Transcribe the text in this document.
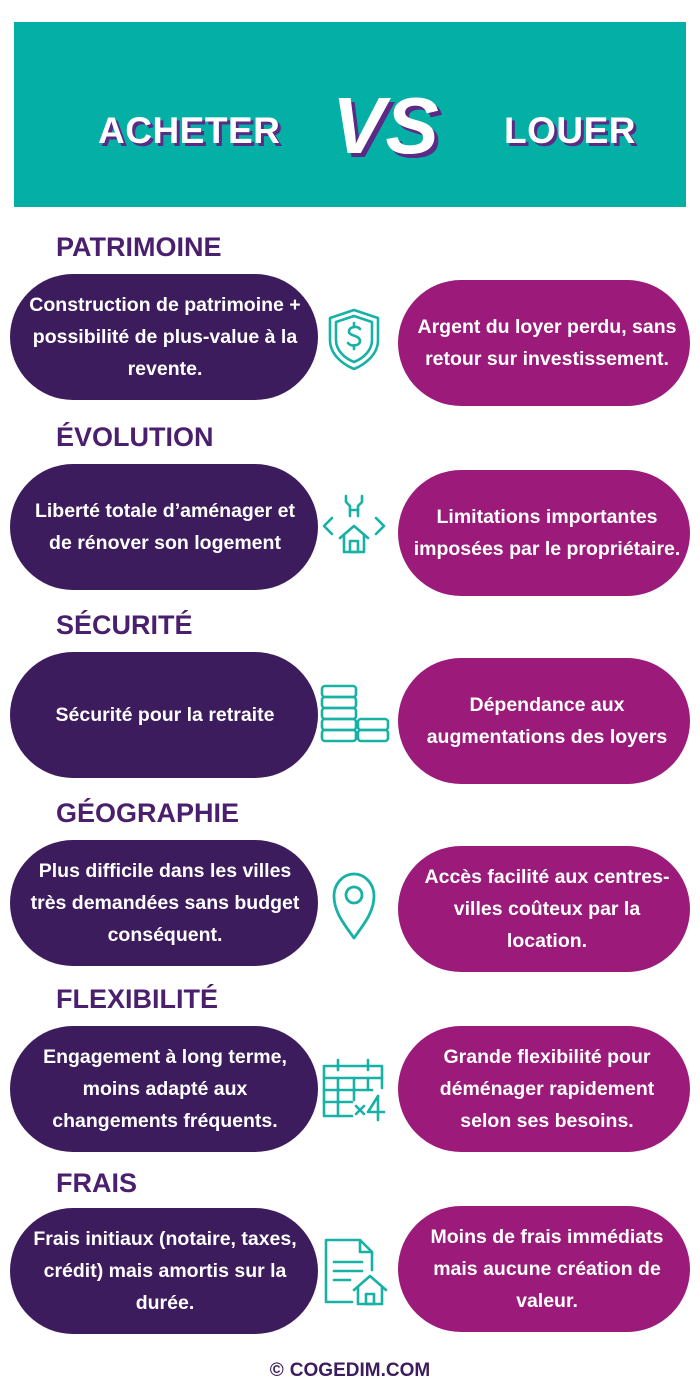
ACHETER VS LOUER
PATRIMOINE
Construction de patrimoine + possibilité de plus-value à la revente.
Argent du loyer perdu, sans retour sur investissement.
ÉVOLUTION
Liberté totale d’aménager et de rénover son logement
Limitations importantes imposées par le propriétaire.
SÉCURITÉ
Sécurité pour la retraite	Dépendance aux augmentations des loyers
GÉOGRAPHIE
Plus difficile dans les villes très demandées sans budget conséquent.
Accès facilité aux centres-villes coûteux par la location.
FLEXIBILITÉ
Engagement à long terme, moins adapté aux changements fréquents.
Grande flexibilité pour déménager rapidement selon ses besoins.
FRAIS
Frais initiaux (notaire, taxes, crédit) mais amortis sur la durée.
Moins de frais immédiats mais aucune création de valeur.
© COGEDIM.COM
